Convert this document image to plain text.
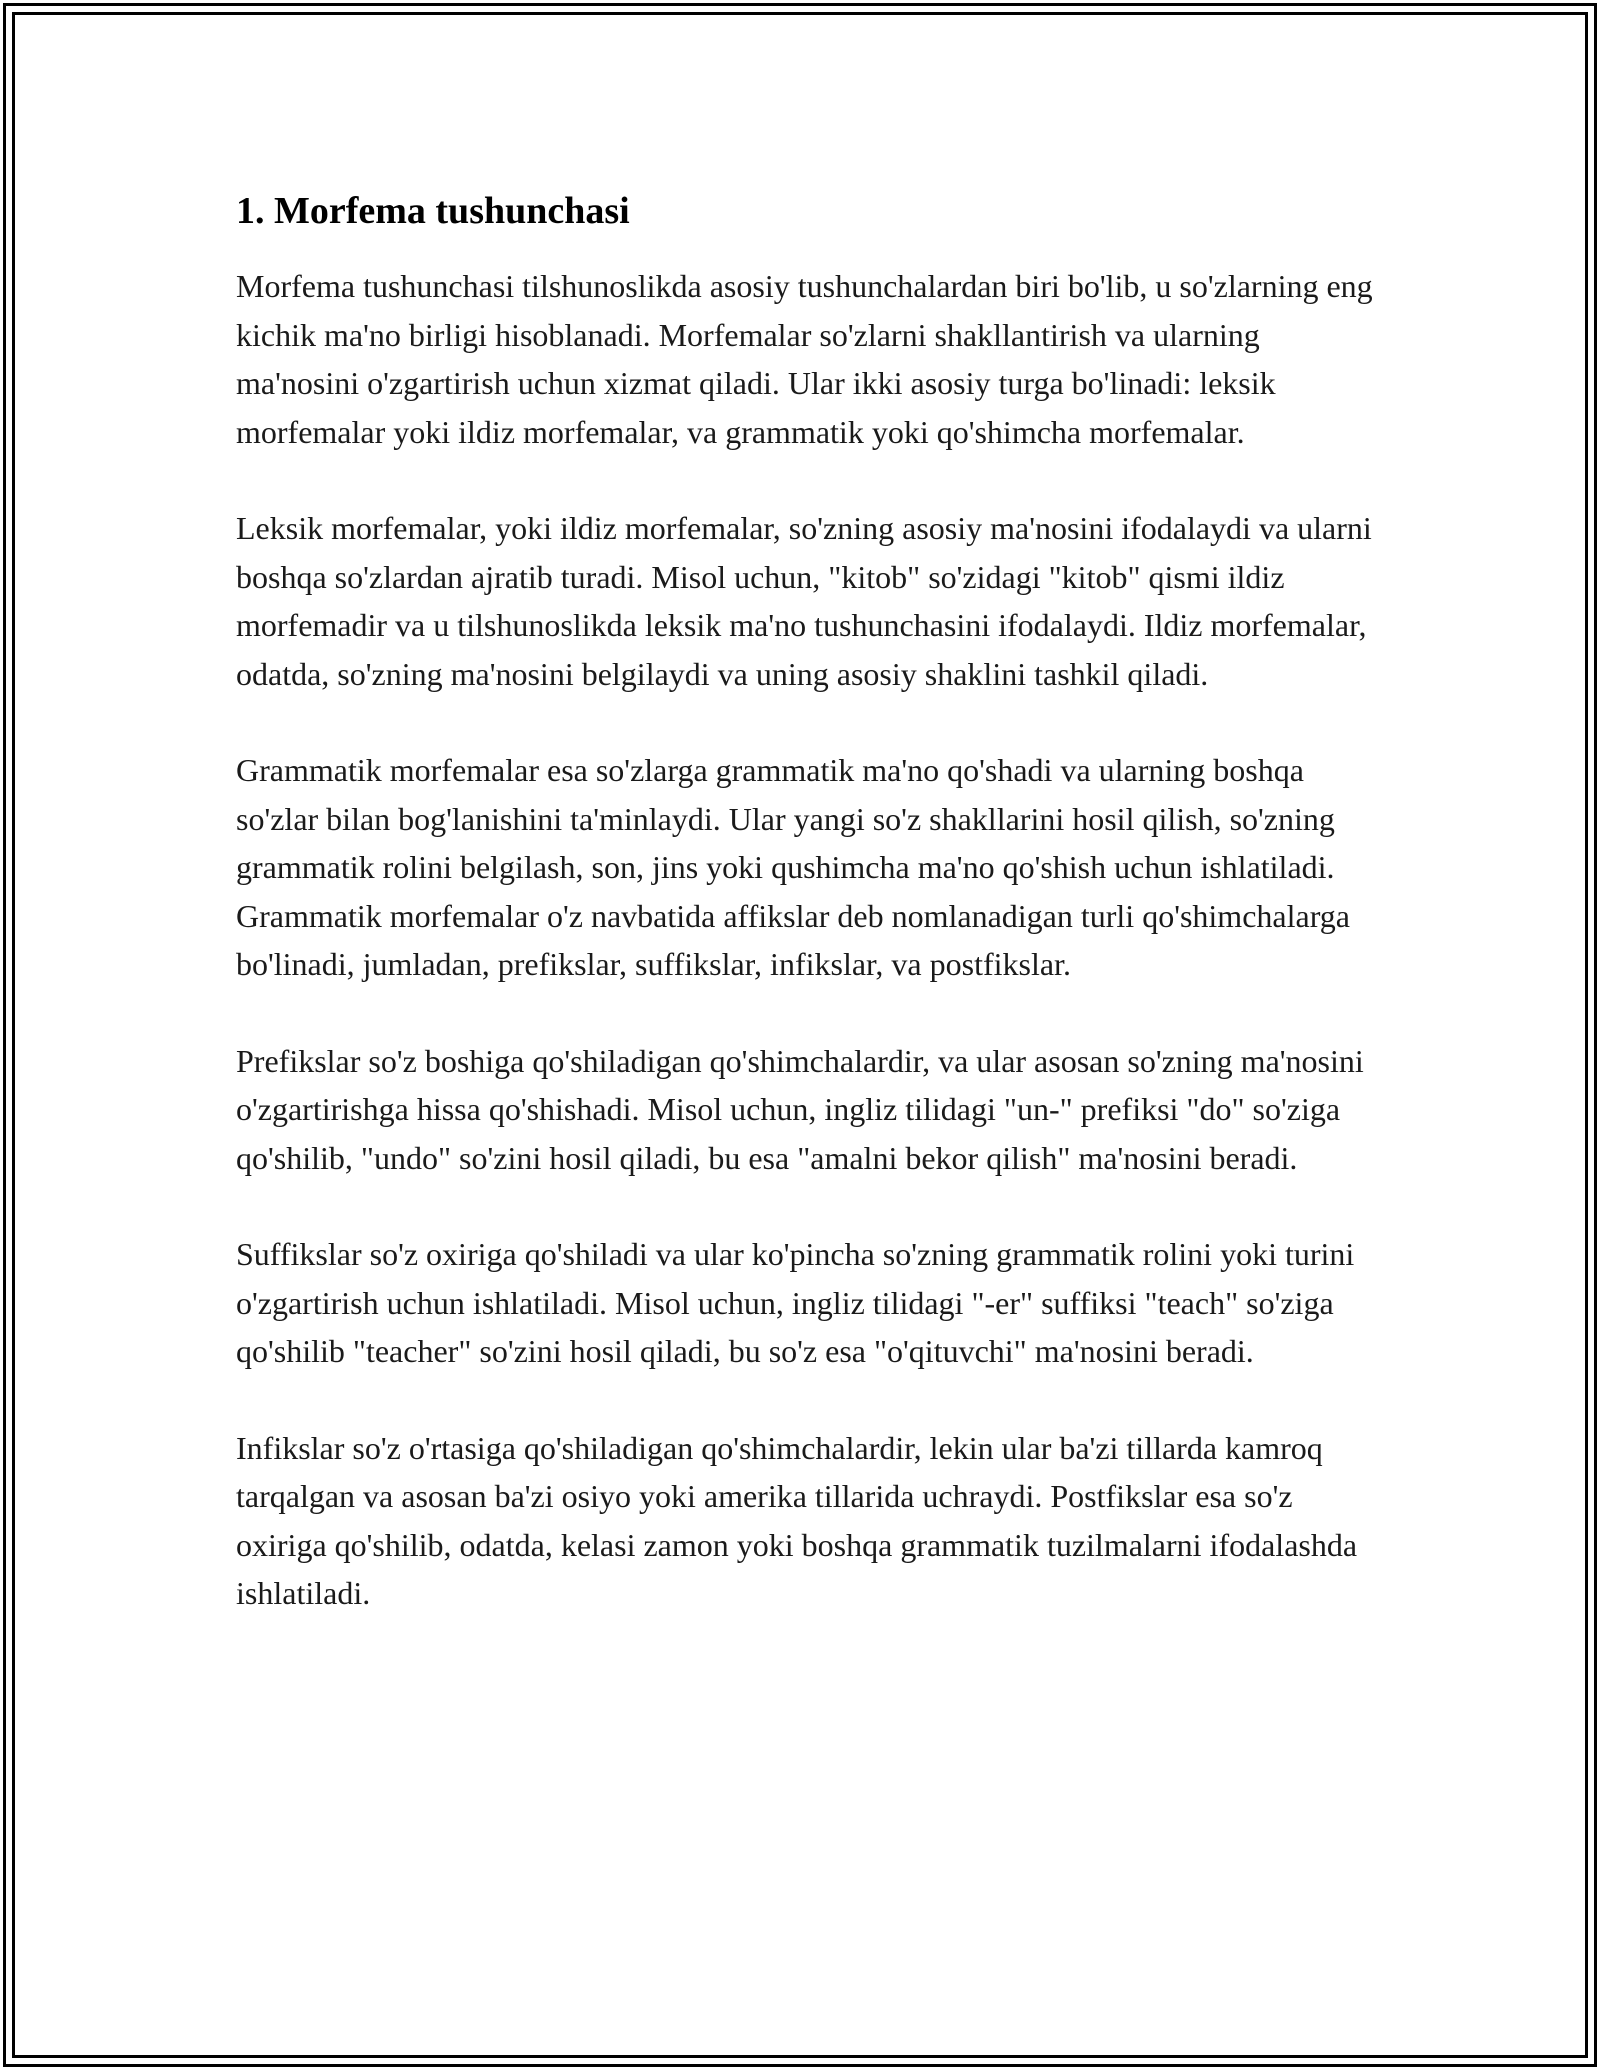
1. Morfema tushunchasi

Morfema tushunchasi tilshunoslikda asosiy tushunchalardan biri bo'lib, u so'zlarning eng kichik ma'no birligi hisoblanadi. Morfemalar so'zlarni shakllantirish va ularning ma'nosini o'zgartirish uchun xizmat qiladi. Ular ikki asosiy turga bo'linadi: leksik morfemalar yoki ildiz morfemalar, va grammatik yoki qo'shimcha morfemalar.

Leksik morfemalar, yoki ildiz morfemalar, so'zning asosiy ma'nosini ifodalaydi va ularni boshqa so'zlardan ajratib turadi. Misol uchun, "kitob" so'zidagi "kitob" qismi ildiz morfemadir va u tilshunoslikda leksik ma'no tushunchasini ifodalaydi. Ildiz morfemalar, odatda, so'zning ma'nosini belgilaydi va uning asosiy shaklini tashkil qiladi.

Grammatik morfemalar esa so'zlarga grammatik ma'no qo'shadi va ularning boshqa so'zlar bilan bog'lanishini ta'minlaydi. Ular yangi so'z shakllarini hosil qilish, so'zning grammatik rolini belgilash, son, jins yoki qushimcha ma'no qo'shish uchun ishlatiladi. Grammatik morfemalar o'z navbatida affikslar deb nomlanadigan turli qo'shimchalarga bo'linadi, jumladan, prefikslar, suffikslar, infikslar, va postfikslar.

Prefikslar so'z boshiga qo'shiladigan qo'shimchalardir, va ular asosan so'zning ma'nosini o'zgartirishga hissa qo'shishadi. Misol uchun, ingliz tilidagi "un-" prefiksi "do" so'ziga qo'shilib, "undo" so'zini hosil qiladi, bu esa "amalni bekor qilish" ma'nosini beradi.

Suffikslar so'z oxiriga qo'shiladi va ular ko'pincha so'zning grammatik rolini yoki turini o'zgartirish uchun ishlatiladi. Misol uchun, ingliz tilidagi "-er" suffiksi "teach" so'ziga qo'shilib "teacher" so'zini hosil qiladi, bu so'z esa "o'qituvchi" ma'nosini beradi.

Infikslar so'z o'rtasiga qo'shiladigan qo'shimchalardir, lekin ular ba'zi tillarda kamroq tarqalgan va asosan ba'zi osiyo yoki amerika tillarida uchraydi. Postfikslar esa so'z oxiriga qo'shilib, odatda, kelasi zamon yoki boshqa grammatik tuzilmalarni ifodalashda ishlatiladi.
